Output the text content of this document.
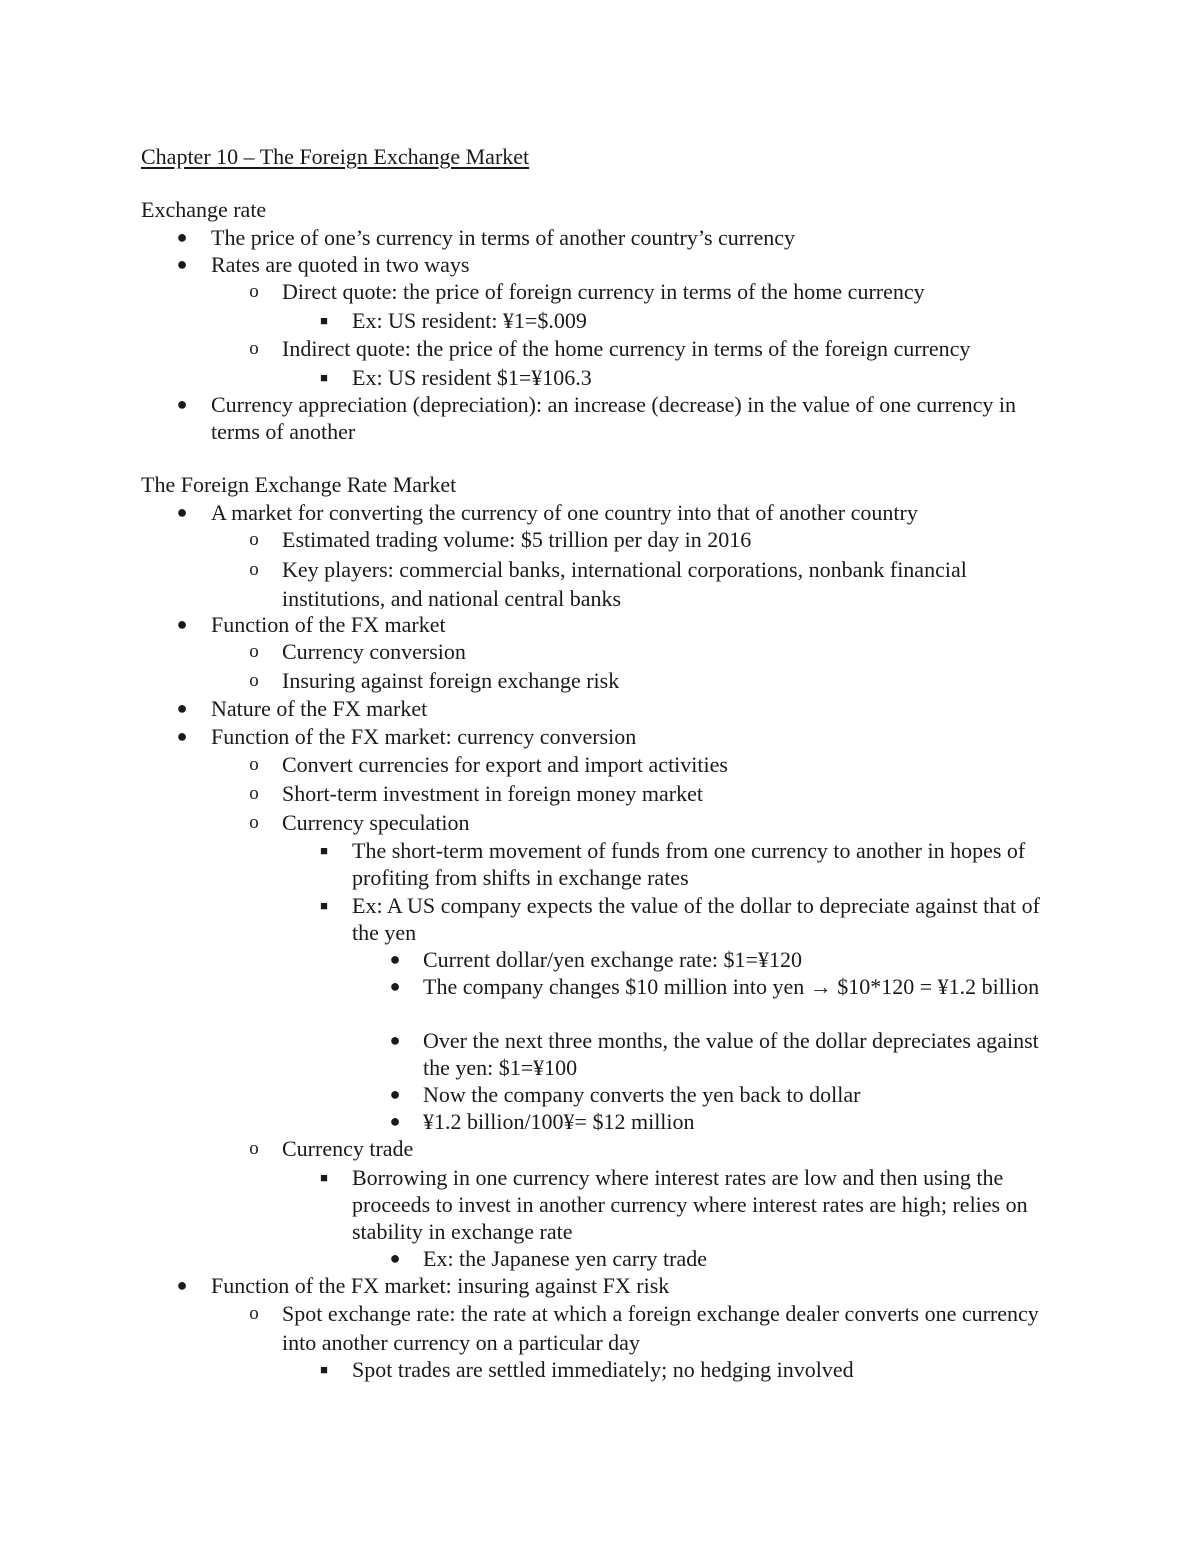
Chapter 10 – The Foreign Exchange Market
Exchange rate
● The price of one’s currency in terms of another country’s currency
● Rates are quoted in two ways
o Direct quote: the price of foreign currency in terms of the home currency
■ Ex: US resident: ¥1=$.009
o Indirect quote: the price of the home currency in terms of the foreign currency
■ Ex: US resident $1=¥106.3
● Currency appreciation (depreciation): an increase (decrease) in the value of one currency in terms of another
The Foreign Exchange Rate Market
● A market for converting the currency of one country into that of another country
o Estimated trading volume: $5 trillion per day in 2016
o Key players: commercial banks, international corporations, nonbank financial institutions, and national central banks
● Function of the FX market
o Currency conversion
o Insuring against foreign exchange risk
● Nature of the FX market
● Function of the FX market: currency conversion
o Convert currencies for export and import activities
o Short-term investment in foreign money market
o Currency speculation
■ The short-term movement of funds from one currency to another in hopes of profiting from shifts in exchange rates
■ Ex: A US company expects the value of the dollar to depreciate against that of the yen
● Current dollar/yen exchange rate: $1=¥120
● The company changes $10 million into yen → $10*120 = ¥1.2 billion
● Over the next three months, the value of the dollar depreciates against the yen: $1=¥100
● Now the company converts the yen back to dollar
● ¥1.2 billion/100¥= $12 million
o Currency trade
■ Borrowing in one currency where interest rates are low and then using the proceeds to invest in another currency where interest rates are high; relies on stability in exchange rate
● Ex: the Japanese yen carry trade
● Function of the FX market: insuring against FX risk
o Spot exchange rate: the rate at which a foreign exchange dealer converts one currency into another currency on a particular day
■ Spot trades are settled immediately; no hedging involved
